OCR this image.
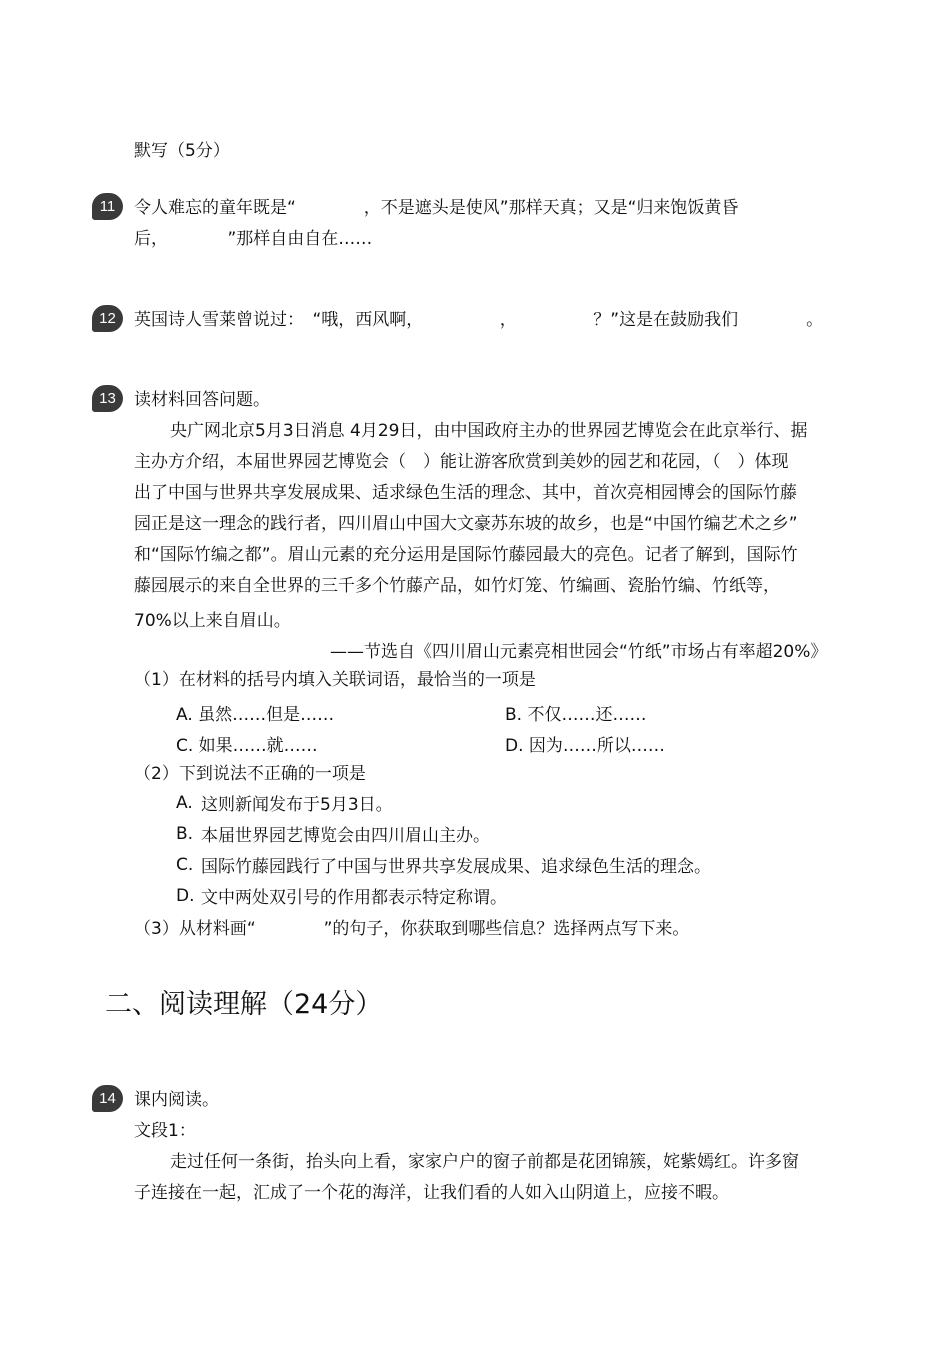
默写（5分）
11	令人难忘的童年既是“　　　　，不是遮头是使风”那样天真；又是“归来饱饭黄昏
后，　　　　”那样自由自在……
12	英国诗人雪莱曾说过：　“哦，西风啊，　　　　　，　　　　　？”这是在鼓励我们　　　　。
13	读材料回答问题。
央广网北京5月3日消息 4月29日，由中国政府主办的世界园艺博览会在此京举行、据
主办方介绍，本届世界园艺博览会（　）能让游客欣赏到美妙的园艺和花园，（　）体现
出了中国与世界共享发展成果、适求绿色生活的理念、其中，首次亮相园博会的国际竹藤
园正是这一理念的践行者，四川眉山中国大文豪苏东坡的故乡，也是“中国竹编艺术之乡”
和“国际竹编之都”。眉山元素的充分运用是国际竹藤园最大的亮色。记者了解到，国际竹
藤园展示的来自全世界的三千多个竹藤产品，如竹灯笼、竹编画、瓷胎竹编、竹纸等，
70%以上来自眉山。
——节选自《四川眉山元素亮相世园会“竹纸”市场占有率超20%》
（1）在材料的括号内填入关联词语，最恰当的一项是
A. 虽然……但是……	B. 不仅……还……
C. 如果……就……	D. 因为……所以……
（2）下到说法不正确的一项是
A. 这则新闻发布于5月3日。
B. 本届世界园艺博览会由四川眉山主办。
C. 国际竹藤园践行了中国与世界共享发展成果、追求绿色生活的理念。
D. 文中两处双引号的作用都表示特定称谓。
（3）从材料画“　　　　”的句子，你获取到哪些信息？选择两点写下来。
二、阅读理解（24分）
14	课内阅读。
文段1：
走过任何一条街，抬头向上看，家家户户的窗子前都是花团锦簇，姹紫嫣红。许多窗
子连接在一起，汇成了一个花的海洋，让我们看的人如入山阴道上，应接不暇。
